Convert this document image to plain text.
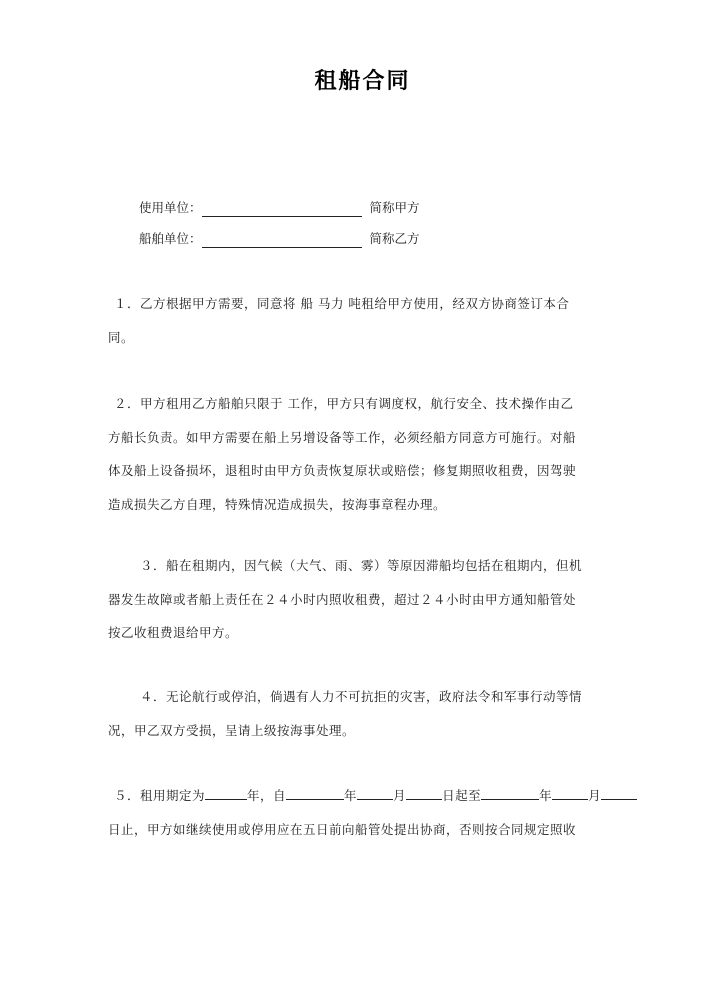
租船合同
使用单位：	简称甲方
船舶单位：	简称乙方
１．乙方根据甲方需要，同意将 船 马力 吨租给甲方使用，经双方协商签订本合
同。
２．甲方租用乙方船舶只限于 工作，甲方只有调度权，航行安全、技术操作由乙
方船长负责。如甲方需要在船上另增设备等工作，必须经船方同意方可施行。对船
体及船上设备损坏，退租时由甲方负责恢复原状或赔偿；修复期照收租费，因驾驶
造成损失乙方自理，特殊情况造成损失，按海事章程办理。
３．船在租期内，因气候（大气、雨、雾）等原因滞船均包括在租期内，但机
器发生故障或者船上责任在２４小时内照收租费，超过２４小时由甲方通知船管处
按乙收租费退给甲方。
４．无论航行或停泊，倘遇有人力不可抗拒的灾害，政府法令和军事行动等情
况，甲乙双方受损，呈请上级按海事处理。
５．租用期定为	年，自	年	月	日起至	年	月
日止，甲方如继续使用或停用应在五日前向船管处提出协商，否则按合同规定照收
